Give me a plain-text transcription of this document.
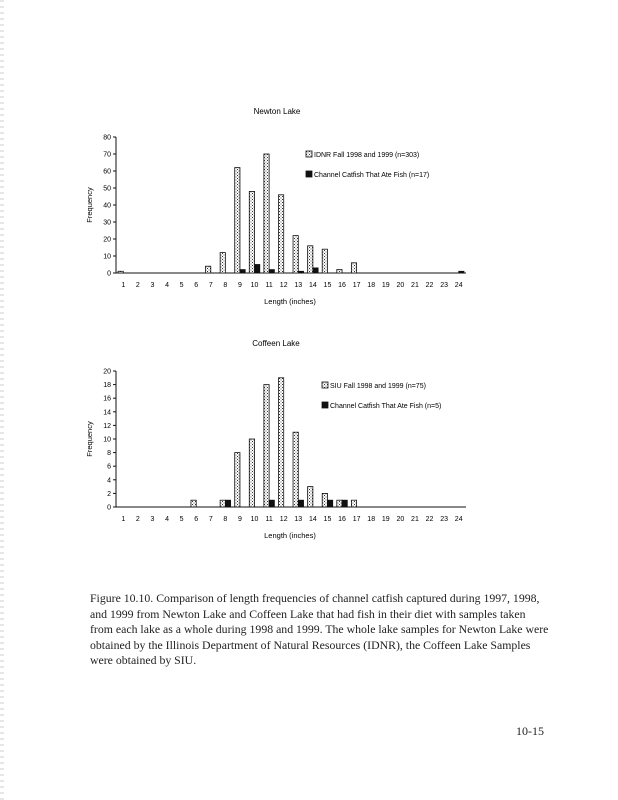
Newton Lake
0
10
20
30
40
50
60
70
80
Frequency
1 2 3 4 5 6 7 8 9 10 11 12 13 14 15 16 17 18 19 20 21 22 23 24
Length (inches)
IDNR Fall 1998 and 1999 (n=303)
Channel Catfish That Ate Fish (n=17)
Coffeen Lake
0
2
4
6
8
10
12
14
16
18
20
Frequency
1 2 3 4 5 6 7 8 9 10 11 12 13 14 15 16 17 18 19 20 21 22 23 24
Length (inches)
SIU Fall 1998 and 1999 (n=75)
Channel Catfish That Ate Fish (n=5)
Figure 10.10. Comparison of length frequencies of channel catfish captured during 1997, 1998, and 1999 from Newton Lake and Coffeen Lake that had fish in their diet with samples taken from each lake as a whole during 1998 and 1999. The whole lake samples for Newton Lake were obtained by the Illinois Department of Natural Resources (IDNR), the Coffeen Lake Samples were obtained by SIU.
10-15
